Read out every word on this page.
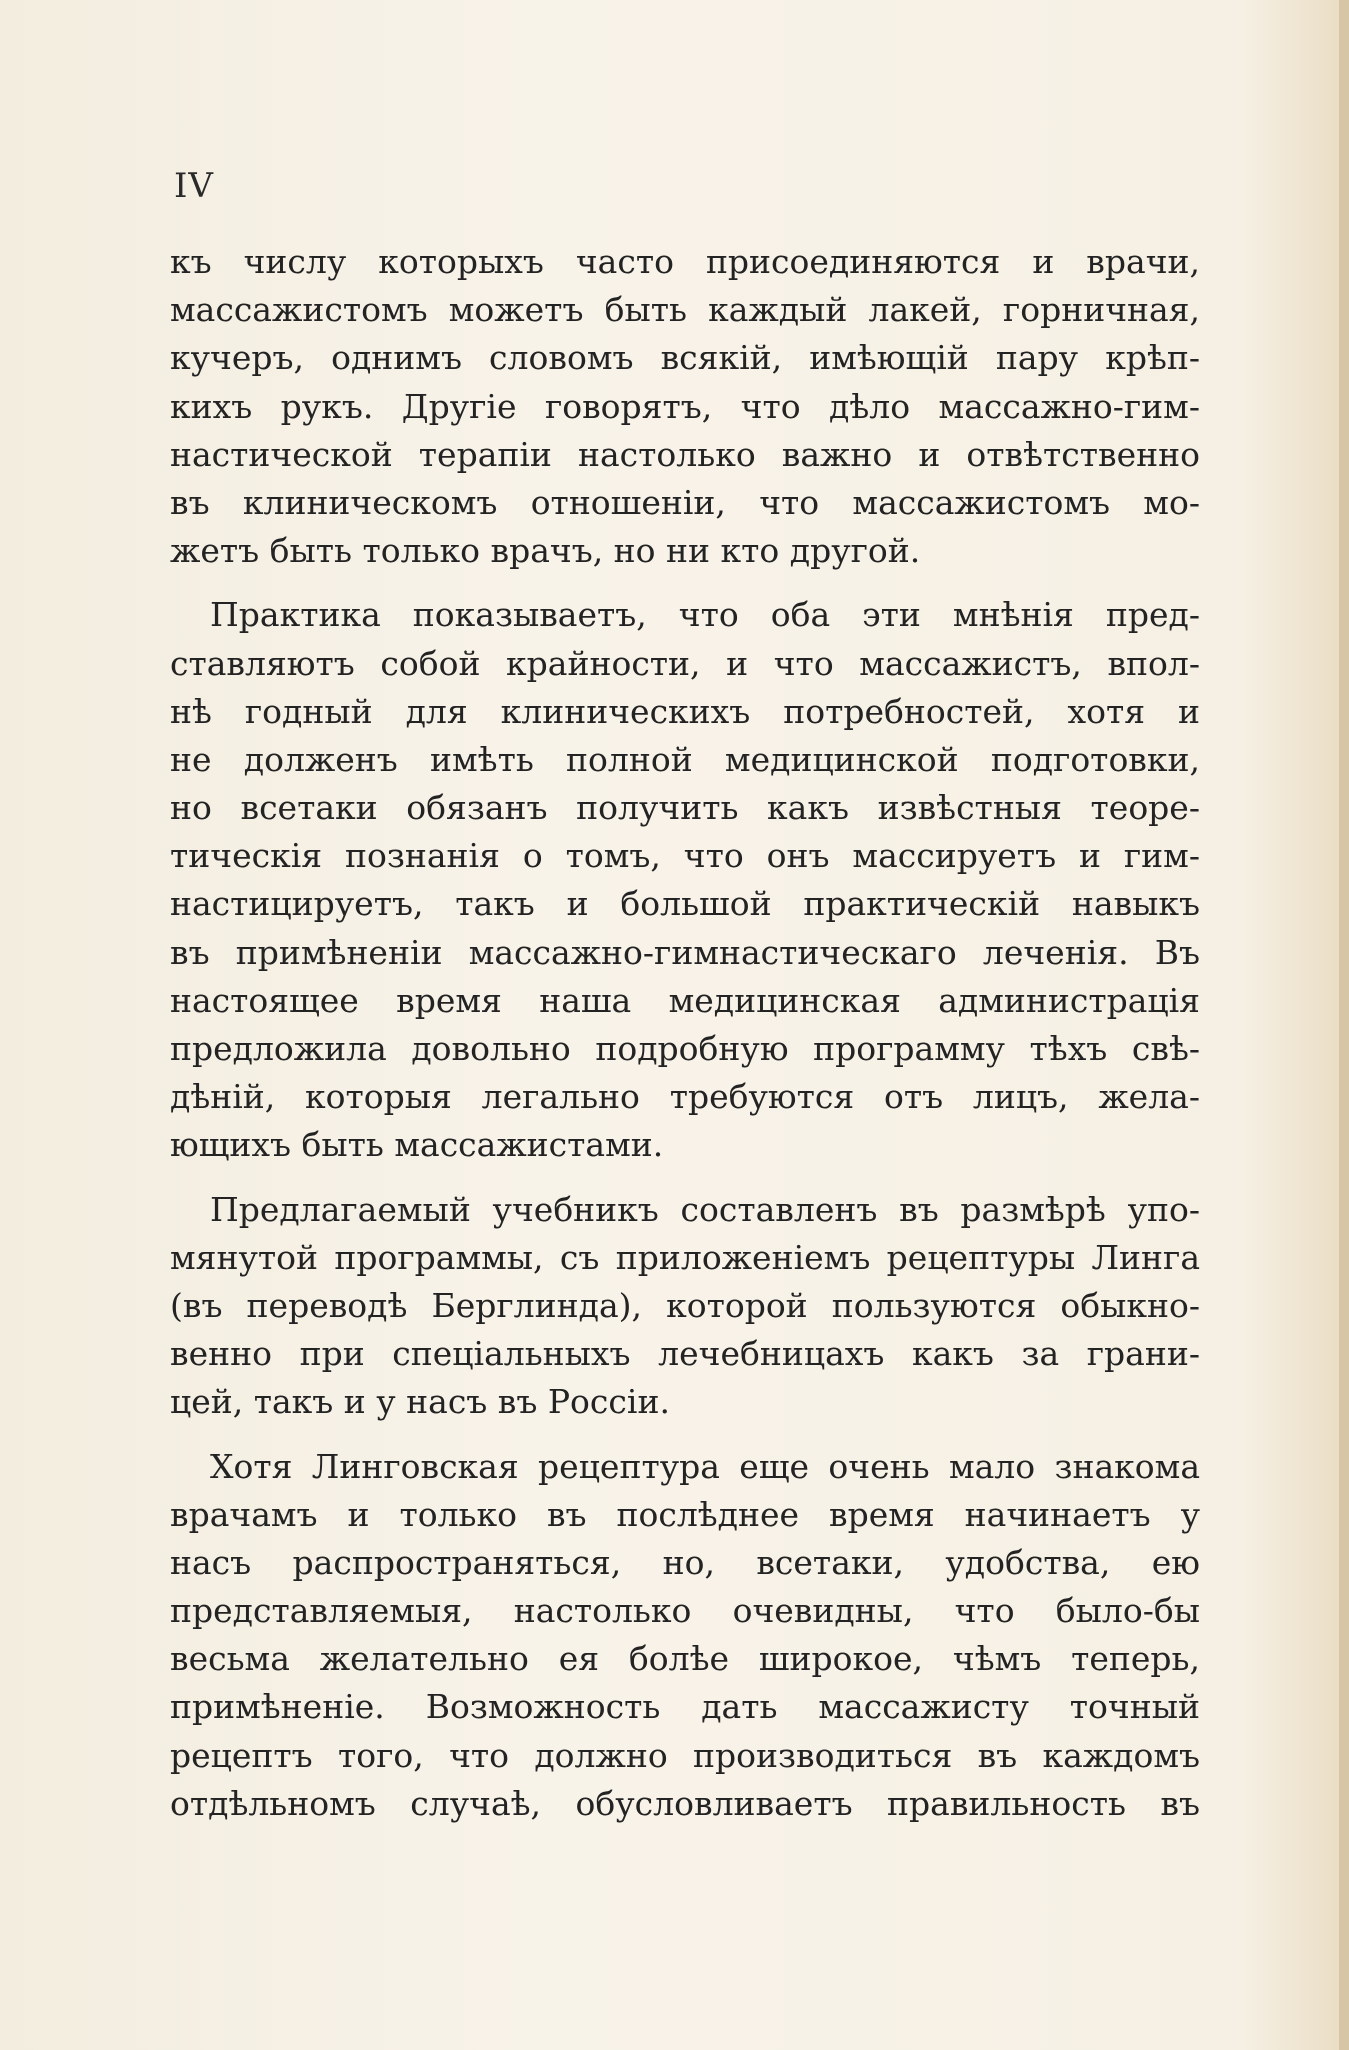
IV
къ числу которыхъ часто присоединяются и врачи,
массажистомъ можетъ быть каждый лакей, горничная,
кучеръ, однимъ словомъ всякій, имѣющій пару крѣп-
кихъ рукъ. Другіе говорятъ, что дѣло массажно-гим-
настической терапіи настолько важно и отвѣтственно
въ клиническомъ отношеніи, что массажистомъ мо-
жетъ быть только врачъ, но ни кто другой.
Практика показываетъ, что оба эти мнѣнія пред-
ставляютъ собой крайности, и что массажистъ, впол-
нѣ годный для клиническихъ потребностей, хотя и
не долженъ имѣть полной медицинской подготовки,
но всетаки обязанъ получить какъ извѣстныя теоре-
тическія познанія о томъ, что онъ массируетъ и гим-
настицируетъ, такъ и большой практическій навыкъ
въ примѣненіи массажно-гимнастическаго леченія. Въ
настоящее время наша медицинская администрація
предложила довольно подробную программу тѣхъ свѣ-
дѣній, которыя легально требуются отъ лицъ, жела-
ющихъ быть массажистами.
Предлагаемый учебникъ составленъ въ размѣрѣ упо-
мянутой программы, съ приложеніемъ рецептуры Линга
(въ переводѣ Берглинда), которой пользуются обыкно-
венно при спеціальныхъ лечебницахъ какъ за грани-
цей, такъ и у насъ въ Россіи.
Хотя Линговская рецептура еще очень мало знакома
врачамъ и только въ послѣднее время начинаетъ у
насъ распространяться, но, всетаки, удобства, ею
представляемыя, настолько очевидны, что было-бы
весьма желательно ея болѣе широкое, чѣмъ теперь,
примѣненіе. Возможность дать массажисту точный
рецептъ того, что должно производиться въ каждомъ
отдѣльномъ случаѣ, обусловливаетъ правильность въ
